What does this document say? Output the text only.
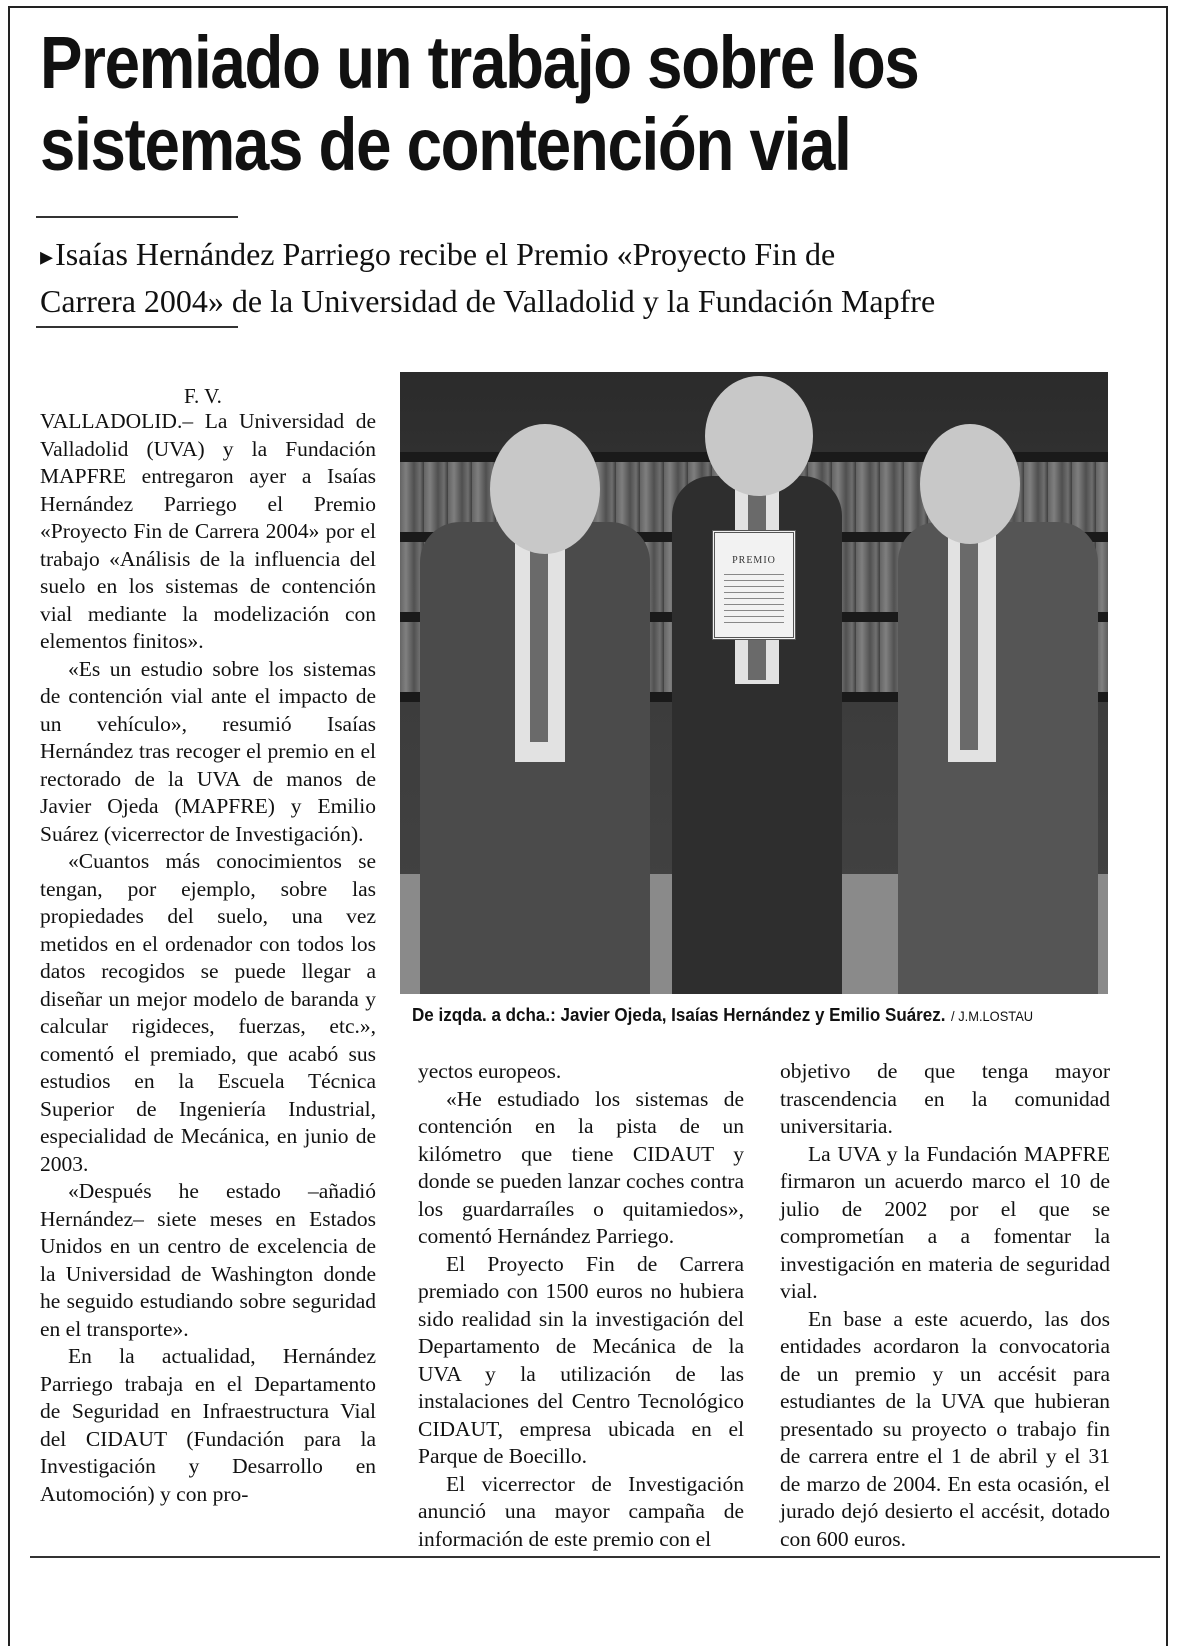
Premiado un trabajo sobre los
sistemas de contención vial
▸Isaías Hernández Parriego recibe el Premio «Proyecto Fin de
Carrera 2004» de la Universidad de Valladolid y la Fundación Mapfre
F. V.

VALLADOLID.– La Universidad de Valladolid (UVA) y la Fundación MAPFRE entregaron ayer a Isaías Hernández Parriego el Premio «Proyecto Fin de Carrera 2004» por el trabajo «Análisis de la influencia del suelo en los sistemas de contención vial mediante la modelización con elementos finitos».

«Es un estudio sobre los sistemas de contención vial ante el impacto de un vehículo», resumió Isaías Hernández tras recoger el premio en el rectorado de la UVA de manos de Javier Ojeda (MAPFRE) y Emilio Suárez (vicerrector de Investigación).

«Cuantos más conocimientos se tengan, por ejemplo, sobre las propiedades del suelo, una vez metidos en el ordenador con todos los datos recogidos se puede llegar a diseñar un mejor modelo de baranda y calcular rigideces, fuerzas, etc.», comentó el premiado, que acabó sus estudios en la Escuela Técnica Superior de Ingeniería Industrial, especialidad de Mecánica, en junio de 2003.

«Después he estado –añadió Hernández– siete meses en Estados Unidos en un centro de excelencia de la Universidad de Washington donde he seguido estudiando sobre seguridad en el transporte».

En la actualidad, Hernández Parriego trabaja en el Departamento de Seguridad en Infraestructura Vial del CIDAUT (Fundación para la Investigación y Desarrollo en Automoción) y con pro-

PREMIO
De izqda. a dcha.: Javier Ojeda, Isaías Hernández y Emilio Suárez. / J.M.LOSTAU

yectos europeos.

«He estudiado los sistemas de contención en la pista de un kilómetro que tiene CIDAUT y donde se pueden lanzar coches contra los guardarraíles o quitamiedos», comentó Hernández Parriego.

El Proyecto Fin de Carrera premiado con 1500 euros no hubiera sido realidad sin la investigación del Departamento de Mecánica de la UVA y la utilización de las instalaciones del Centro Tecnológico CIDAUT, empresa ubicada en el Parque de Boecillo.

El vicerrector de Investigación anunció una mayor campaña de información de este premio con el

objetivo de que tenga mayor trascendencia en la comunidad universitaria.

La UVA y la Fundación MAPFRE firmaron un acuerdo marco el 10 de julio de 2002 por el que se comprometían a a fomentar la investigación en materia de seguridad vial.

En base a este acuerdo, las dos entidades acordaron la convocatoria de un premio y un accésit para estudiantes de la UVA que hubieran presentado su proyecto o trabajo fin de carrera entre el 1 de abril y el 31 de marzo de 2004. En esta ocasión, el jurado dejó desierto el accésit, dotado con 600 euros.
